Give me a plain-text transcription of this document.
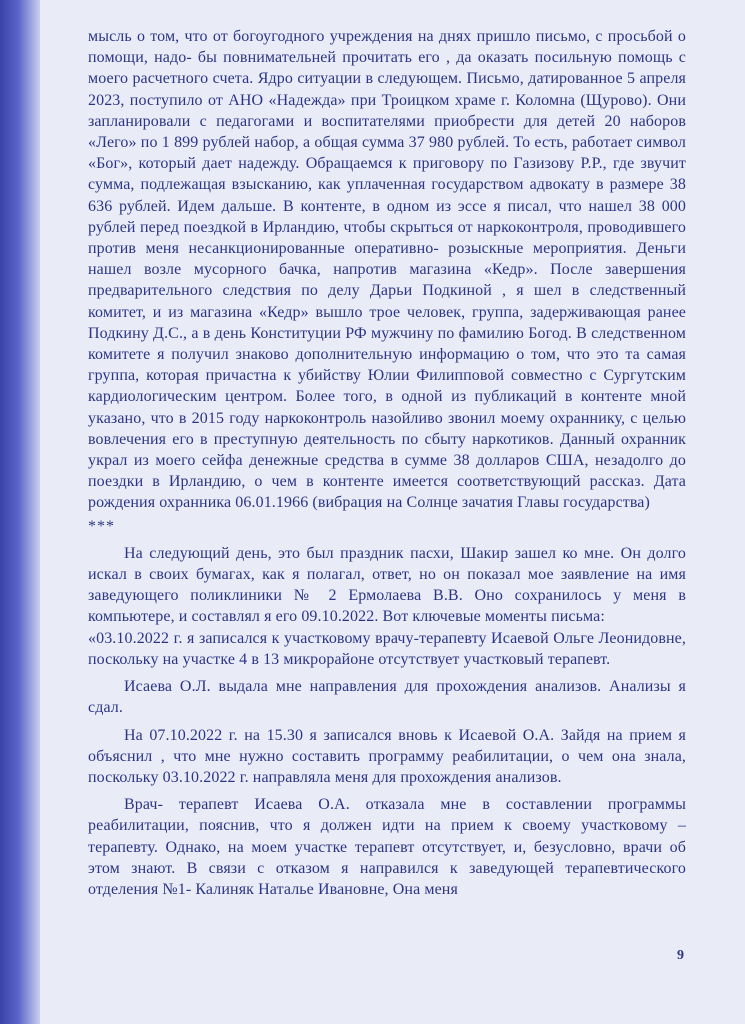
мысль о том, что от богоугодного учреждения на днях пришло письмо, с просьбой о помощи, надо- бы повнимательней прочитать его , да оказать посильную помощь с моего расчетного счета. Ядро ситуации в следующем. Письмо, датированное 5 апреля 2023, поступило от АНО «Надежда» при Троицком храме г. Коломна (Щурово). Они запланировали с педагогами и воспитателями приобрести для детей 20 наборов «Лего» по 1 899 рублей набор, а общая сумма 37 980 рублей. То есть, работает символ «Бог», который дает надежду. Обращаемся к приговору по Газизову Р.Р., где звучит сумма, подлежащая взысканию, как уплаченная государством адвокату в размере 38 636 рублей. Идем дальше. В контенте, в одном из эссе я писал, что нашел 38 000 рублей перед поездкой в Ирландию, чтобы скрыться от наркоконтроля, проводившего против меня несанкционированные оперативно- розыскные мероприятия. Деньги нашел возле мусорного бачка, напротив магазина «Кедр». После завершения предварительного следствия по делу Дарьи Подкиной , я шел в следственный комитет, и из магазина «Кедр» вышло трое человек, группа, задерживающая ранее Подкину Д.С., а в день Конституции РФ мужчину по фамилию Богод. В следственном комитете я получил знаково дополнительную информацию о том, что это та самая группа, которая причастна к убийству Юлии Филипповой совместно с Сургутским кардиологическим центром. Более того, в одной из публикаций в контенте мной указано, что в 2015 году наркоконтроль назойливо звонил моему охраннику, с целью вовлечения его в преступную деятельность по сбыту наркотиков. Данный охранник украл из моего сейфа денежные средства в сумме 38 долларов США, незадолго до поездки в Ирландию, о чем в контенте имеется соответствующий рассказ. Дата рождения охранника 06.01.1966 (вибрация на Солнце зачатия Главы государства)

***

На следующий день, это был праздник пасхи, Шакир зашел ко мне. Он долго искал в своих бумагах, как я полагал, ответ, но он показал мое заявление на имя заведующего поликлиники № 2 Ермолаева В.В. Оно сохранилось у меня в компьютере, и составлял я его 09.10.2022. Вот ключевые моменты письма:

«03.10.2022 г. я записался к участковому врачу-терапевту Исаевой Ольге Леонидовне, поскольку на участке 4 в 13 микрорайоне отсутствует участковый терапевт.

Исаева О.Л. выдала мне направления для прохождения анализов. Анализы я сдал.

На 07.10.2022 г. на 15.30 я записался вновь к Исаевой О.А. Зайдя на прием я объяснил , что мне нужно составить программу реабилитации, о чем она знала, поскольку 03.10.2022 г. направляла меня для прохождения анализов.

Врач- терапевт Исаева О.А. отказала мне в составлении программы реабилитации, пояснив, что я должен идти на прием к своему участковому – терапевту. Однако, на моем участке терапевт отсутствует, и, безусловно, врачи об этом знают. В связи с отказом я направился к заведующей терапевтического отделения №1- Калиняк Наталье Ивановне, Она меня

9
